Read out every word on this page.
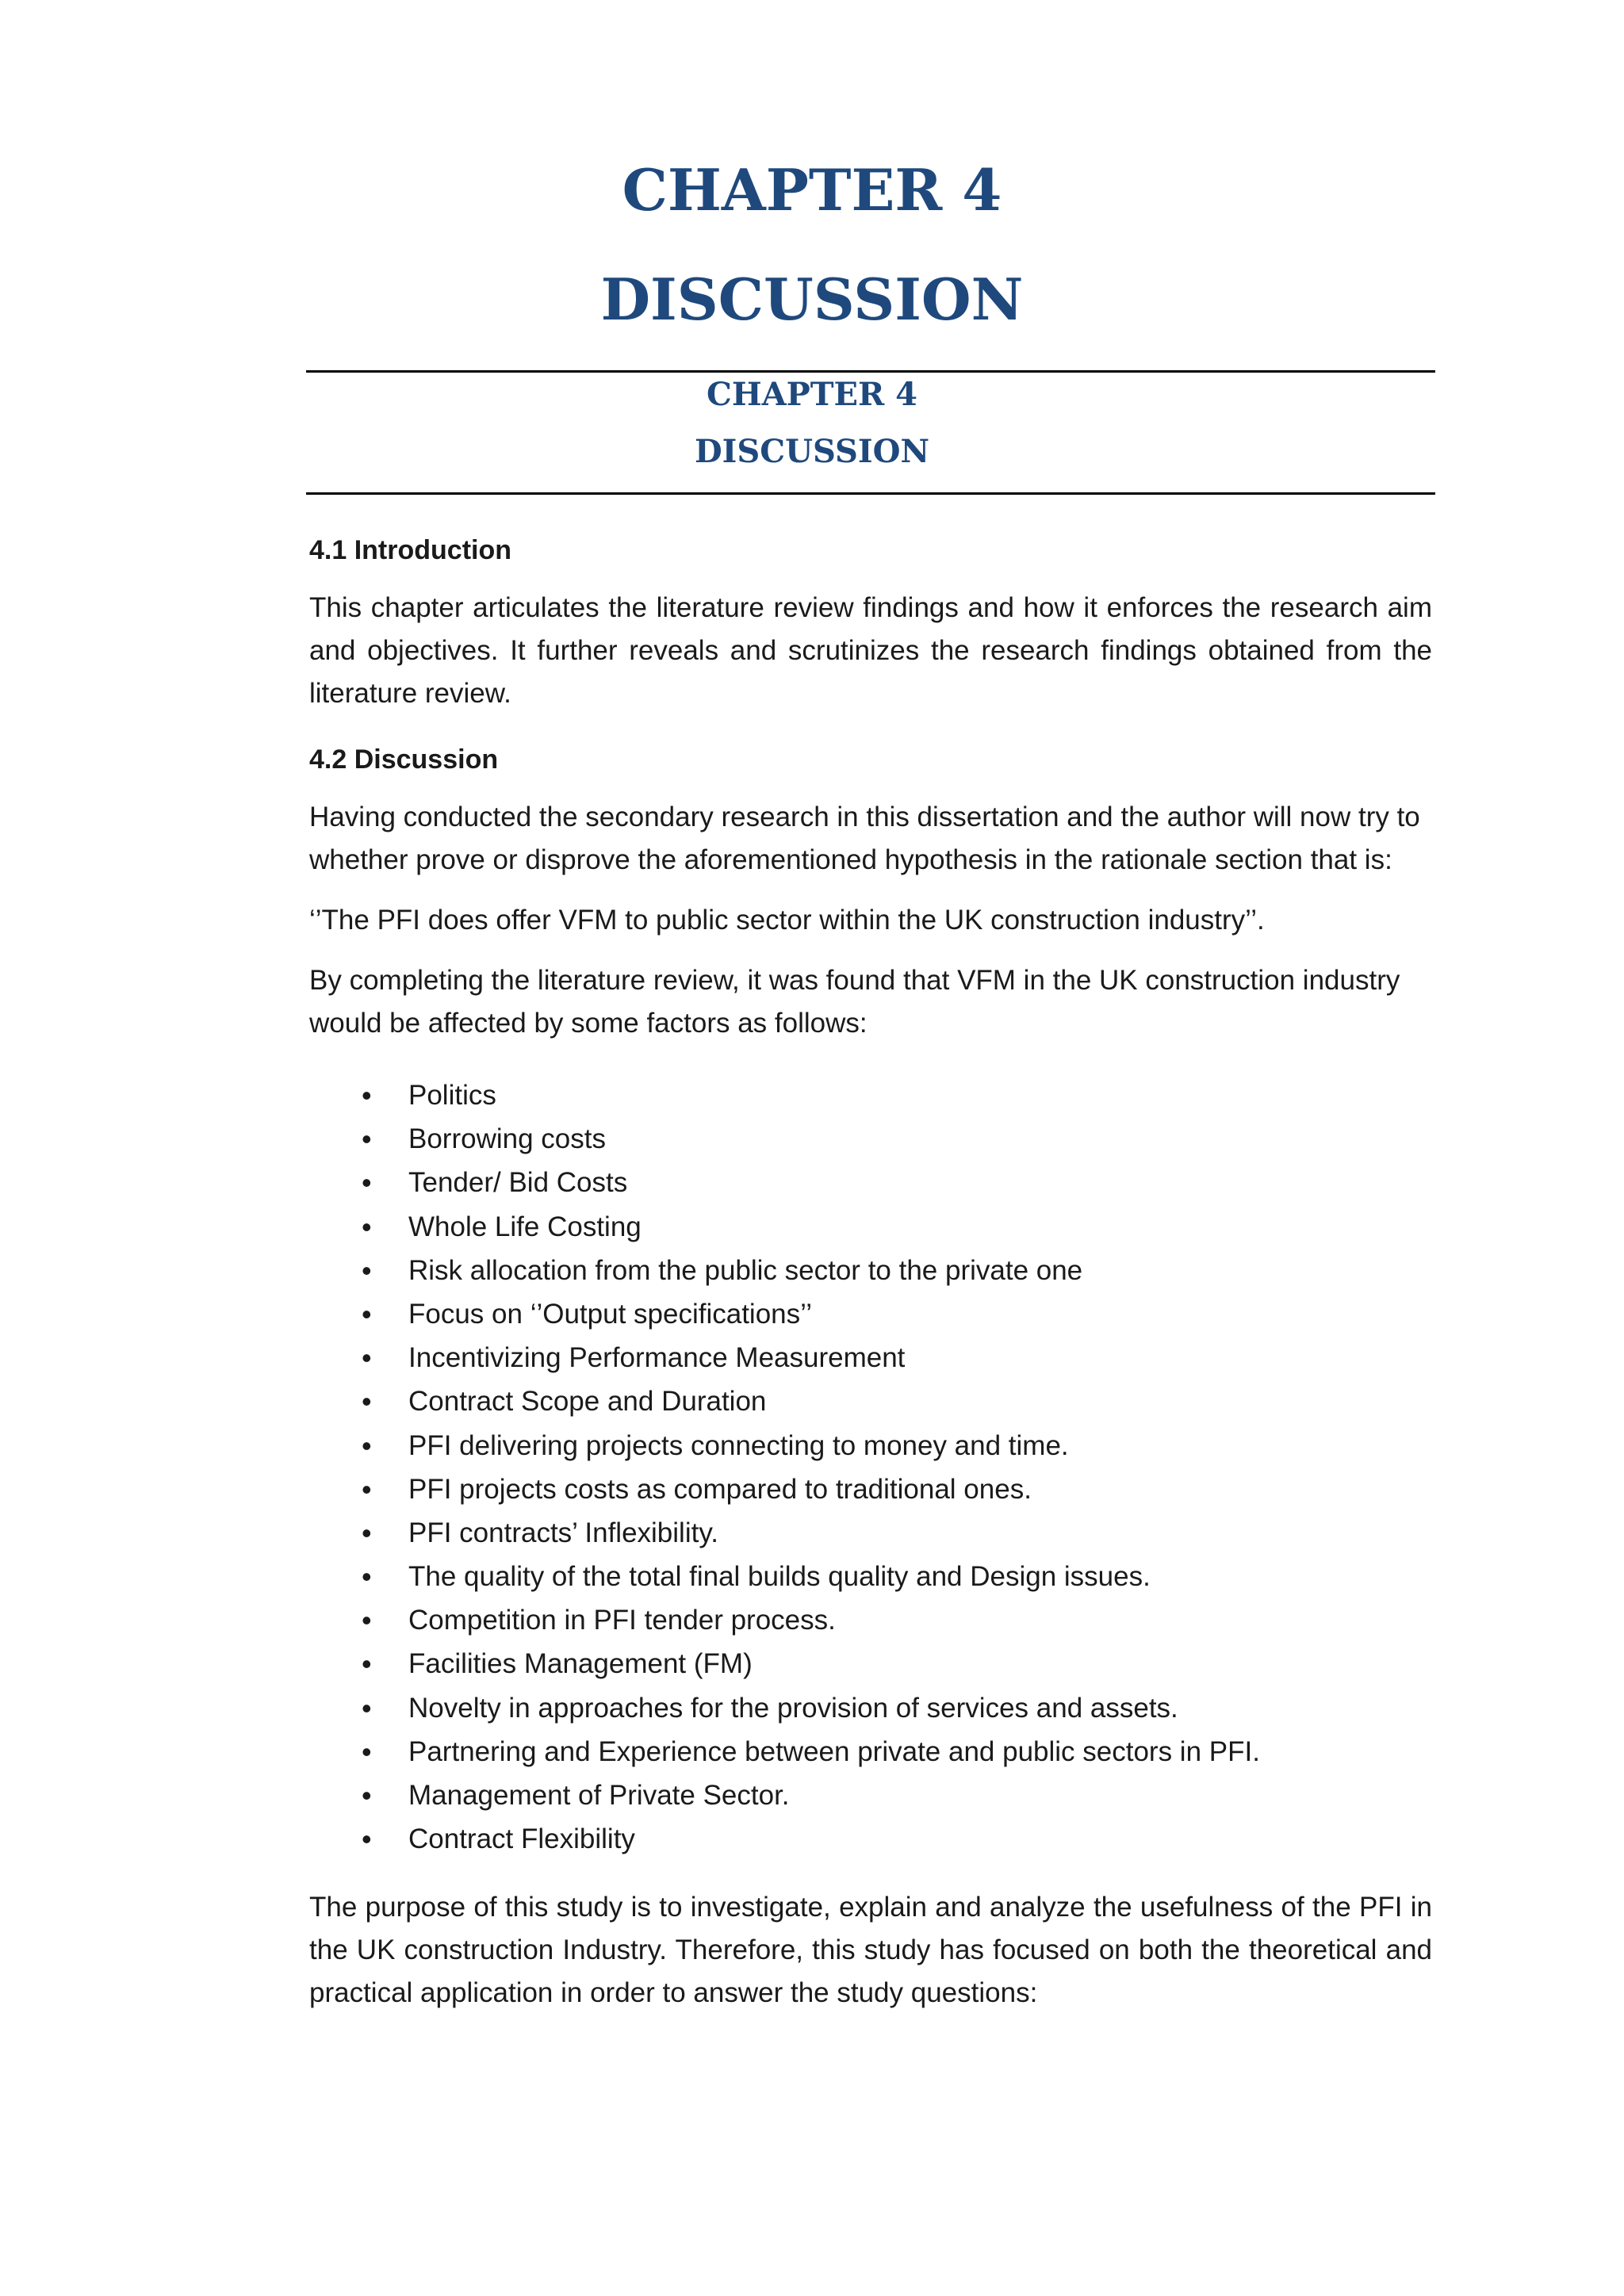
CHAPTER 4
DISCUSSION
CHAPTER 4
DISCUSSION
4.1 Introduction

This chapter articulates the literature review findings and how it enforces the research aim and objectives. It further reveals and scrutinizes the research findings obtained from the literature review.

4.2 Discussion

Having conducted the secondary research in this dissertation and the author will now try to whether prove or disprove the aforementioned hypothesis in the rationale section that is:

‘’The PFI does offer VFM to public sector within the UK construction industry’’.

By completing the literature review, it was found that VFM in the UK construction industry would be affected by some factors as follows:

• Politics
• Borrowing costs
• Tender/ Bid Costs
• Whole Life Costing
• Risk allocation from the public sector to the private one
• Focus on ‘’Output specifications’’
• Incentivizing Performance Measurement
• Contract Scope and Duration
• PFI delivering projects connecting to money and time.
• PFI projects costs as compared to traditional ones.
• PFI contracts’ Inflexibility.
• The quality of the total final builds quality and Design issues.
• Competition in PFI tender process.
• Facilities Management (FM)
• Novelty in approaches for the provision of services and assets.
• Partnering and Experience between private and public sectors in PFI.
• Management of Private Sector.
• Contract Flexibility

The purpose of this study is to investigate, explain and analyze the usefulness of the PFI in the UK construction Industry. Therefore, this study has focused on both the theoretical and practical application in order to answer the study questions:
